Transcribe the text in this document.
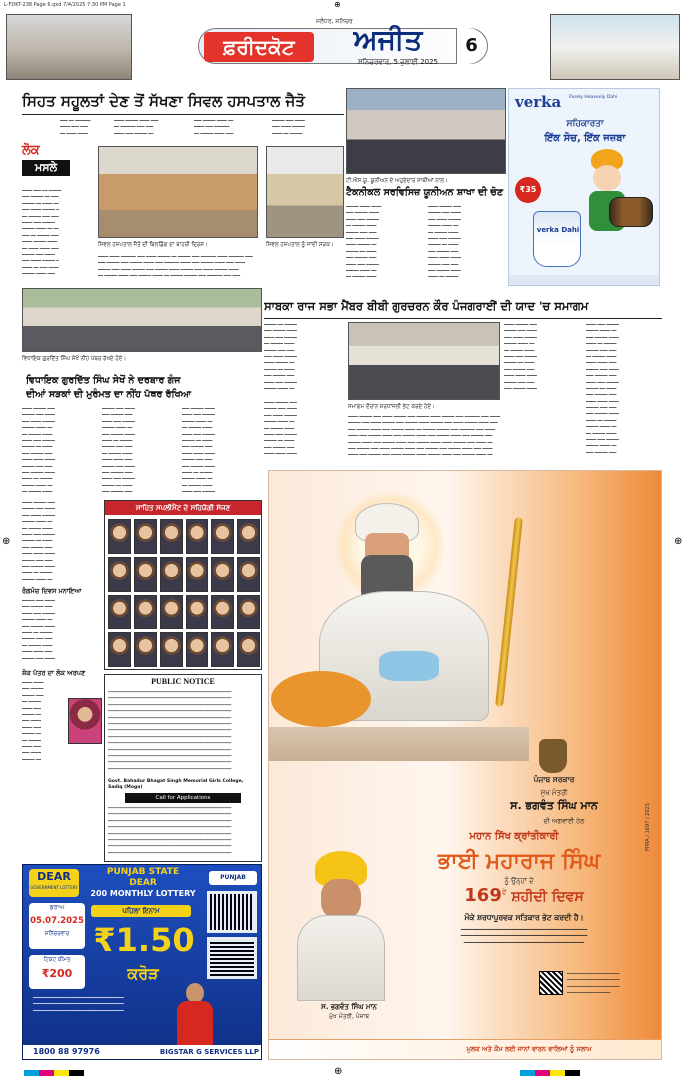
L-FDKT-238 Page 6.qxd 7/4/2025 7:30 PM Page 1	⊕
ਫ਼ਰੀਦਕੋਟ	ਅਜੀਤ
ਜਲੰਧਰ, ਸ਼ਨਿਚਰ
ਸ਼ਨਿਚਰਵਾਰ, 5 ਜੁਲਾਈ 2025
6
ਸਿਹਤ ਸਹੂਲਤਾਂ ਦੇਣ ਤੋਂ ਸੱਖਣਾ ਸਿਵਲ ਹਸਪਤਾਲ ਜੈਤੋ
━━━ ━━ ━━━━━━
━━━━ ━━━ ━━━
━━ ━━━━ ━━━━
━━━━ ━━━━━ ━━━━ ━━━
━━ ━━━━━━ ━━━ ━━━
━━━━ ━━━ ━━━━━ ━━
━━━ ━━━━━ ━━━━ ━━
━━━━ ━━━ ━━━━━━
━━ ━━━━━ ━━━━ ━━━
━━━━━ ━━━ ━━━━
━━━ ━━━━ ━━━━━
━━━━ ━━ ━━━━━
ਲੋਕ
ਮਸਲੇ
ਸਿਵਲ ਹਸਪਤਾਲ ਜੈਤੋ ਦੀ ਬਿਲਡਿੰਗ ਦਾ ਬਾਹਰੀ ਦ੍ਰਿਸ਼।	ਸਿਵਲ ਹਸਪਤਾਲ ਨੂੰ ਜਾਂਦੀ ਸੜਕ।
━━━━ ━━━ ━━ ━━━━━
━━━ ━━━━━ ━━ ━━━
━━━━━ ━━ ━━━━ ━━
━━━ ━━━━ ━━━━━ ━
━━ ━━━━━ ━━━ ━━━
━━━━ ━━━ ━━━━━
━━━━━ ━━━━ ━━ ━━
━━━ ━━ ━━━━━ ━━━
━━━━ ━━━━━ ━━━━
━━ ━━━━ ━━━━ ━━━
━━━━━ ━━━ ━━━━
━━━ ━━━━ ━━━━━ ━
━━━━ ━━ ━━━ ━━━━
━━━━━ ━━━━ ━━━
━━━━ ━━━━ ━━━━━━ ━━━ ━━━━ ━━━━━ ━━ ━━━━━ ━━━ ━━━━━━ ━━━━ ━━━━━━ ━━━
━━━ ━━━━━ ━━━ ━━━━━ ━━━━ ━━━ ━━━━━━ ━━━━ ━━━ ━━━━━ ━━━━ ━━━ ━━━━
━━━━━ ━━━ ━━━━ ━━━━━ ━━━ ━━━━━ ━━━━ ━━━━━ ━━━ ━━━━ ━━━━━ ━━━━
━━ ━━━━━ ━━━━ ━━━ ━━━━━ ━━━━ ━━ ━━━━━ ━━━━━ ━━━ ━━━━━━ ━━━ ━━━
ਟੀ.ਐਸ.ਯੂ. ਯੂਨੀਅਨ ਦੇ ਅਹੁਦੇਦਾਰ ਸਾਥੀਆਂ ਨਾਲ।
ਟੈਕਨੀਕਲ ਸਰਵਿਸਿਜ਼ ਯੂਨੀਅਨ ਸ਼ਾਖਾ ਦੀ ਚੋਣ
━━━━━ ━━━━ ━━━━
━━━ ━━━━━ ━━━━
━━━━ ━━━ ━━━━━
━━ ━━━━━ ━━━━
━━━━━ ━━━ ━━━
━━━ ━━━━ ━━━━━
━━━━ ━━━━━ ━━
━━━━━ ━━ ━━━━
━━━ ━━━━━ ━━━
━━━━ ━━━ ━━━━━
━━━━━ ━━━━ ━━
━━ ━━━━━ ━━━━
━━━━ ━━━━━ ━━━
━━━━━ ━━━ ━━━━
━━━ ━━━━ ━━━━━
━━━━━ ━━━━ ━━
━━ ━━━━━ ━━━━
━━━━ ━━━ ━━━━━
━━━━━ ━━ ━━━━
━━━ ━━━━━ ━━━
━━━━ ━━━━ ━━━━
━━━━━ ━━━ ━━━
━━━ ━━━━━ ━━━━
━━━━ ━━ ━━━━━
verka Purely Heavenly Dahi
ਸਹਿਕਾਰਤਾ
ਇੱਕ ਸੋਚ, ਇੱਕ ਜਜ਼ਬਾ
verka Dahi
₹35
ਸਾਬਕਾ ਰਾਜ ਸਭਾ ਮੈਂਬਰ ਬੀਬੀ ਗੁਰਚਰਨ ਕੌਰ ਪੰਜਗਰਾਈਂ ਦੀ ਯਾਦ 'ਚ ਸਮਾਗਮ
━━━━━ ━━ ━━━━━
━━━ ━━━━━ ━━━━
━━━━ ━━━ ━━━━━
━━ ━━━━━ ━━━━
━━━━━ ━━━ ━━━
━━━ ━━━━ ━━━━━
━━━━ ━━━━━ ━━
━━━━━ ━━ ━━━━
━━━ ━━━━━ ━━━
━━━━ ━━━ ━━━━━
━━━━━ ━━━━ ━━
━━━━ ━━━━━ ━━━
━━━━━ ━━━ ━━━━
━━━ ━━━━ ━━━━━
━━━━━ ━━━━ ━━
━━ ━━━━━ ━━━━
━━━━ ━━━ ━━━━━
━━━━━ ━━ ━━━━
━━━ ━━━━━ ━━━
━━━━ ━━━━ ━━━━
━━━━━ ━━━ ━━━
━━━ ━━━━━ ━━━━
━━━━ ━━━ ━━━━━
━━━━━ ━━━━ ━━
━━━ ━━━━━ ━━━━
━━━━ ━━ ━━━━━
━━━━━ ━━━ ━━━
━━ ━━━━━ ━━━━
━━━━ ━━━━ ━━━
━━━━━ ━━━ ━━━━
━━━ ━━━━━ ━━━
━━━━ ━━━ ━━━━━
━━━━━ ━━ ━━━━
━━━ ━━━━━ ━━━
━━━━ ━━━━ ━━━━
━━━━━ ━━━ ━━━
━━━ ━━━━━ ━━━━
━━━━ ━━ ━━━━━
━━━━━ ━━━━ ━━
━━ ━━━━━ ━━━━
━━━━ ━━━ ━━━━━
━━━━━ ━━━━ ━━
━━━ ━━━━━ ━━━
ਸਮਾਗਮ ਦੌਰਾਨ ਸ਼ਰਧਾਂਜਲੀ ਭੇਟ ਕਰਦੇ ਹੋਏ।
━━━━ ━━━━━ ━━━ ━━━━ ━━━━━ ━━━ ━━━━━ ━━━━ ━━━━━ ━━━ ━━━━━━ ━━━ ━━━━
━━━━━ ━━━ ━━━━ ━━━━━ ━━━ ━━━━━ ━━━━ ━━━━━ ━━━ ━━━━ ━━━━━ ━━━━ ━━━
━━━ ━━━━━ ━━━━ ━━━ ━━━━━ ━━━━ ━━ ━━━━━ ━━━━━ ━━━ ━━━━━━ ━━━ ━━━━
━━━━ ━━━ ━━━━━ ━━━━ ━━━ ━━━━━ ━━━━ ━━━ ━━━━━ ━━━━ ━━━ ━━━━━ ━━━
━━━━━ ━━━━ ━━━ ━━━━━ ━━━━ ━━━ ━━━━━ ━━━━ ━━━━ ━━━━━ ━━━ ━━━━ ━━
━━━ ━━━━━ ━━━ ━━━━ ━━━━━ ━━━━ ━━━ ━━━━━ ━━━ ━━━━━ ━━━━ ━━━ ━━━━
━━━━ ━━━ ━━━━━ ━━━ ━━━━ ━━━━━ ━━━━ ━━━━━ ━━━━ ━━━ ━━━━━ ━━━━ ━━
━━━━ ━━━━━ ━━━
━━━━━ ━━━ ━━━━
━━━ ━━━━ ━━━━━
━━━━━ ━━━━ ━━
━━ ━━━━━ ━━━━
━━━━ ━━━ ━━━━━
━━━━━ ━━ ━━━━
━━━ ━━━━━ ━━━
━━━━ ━━━━ ━━━━
ਵਿਧਾਇਕ ਗੁਰਦਿੱਤ ਸਿੰਘ ਸੇਖੋਂ ਨੀਂਹ ਪੱਥਰ ਰੱਖਦੇ ਹੋਏ।
ਵਿਧਾਇਕ ਗੁਰਦਿੱਤ ਸਿੰਘ ਸੇਖੋਂ ਨੇ ਦਰਬਾਰ ਗੰਜ
ਦੀਆਂ ਸੜਕਾਂ ਦੀ ਮੁਰੰਮਤ ਦਾ ਨੀਂਹ ਪੱਥਰ ਰੱਖਿਆ
━━━━ ━━━━━ ━━━
━━━━━ ━━━ ━━━━
━━━ ━━━━ ━━━━━
━━━━━ ━━━━ ━━
━━ ━━━━━ ━━━━
━━━━ ━━━ ━━━━━
━━━━━ ━━ ━━━━
━━━ ━━━━━ ━━━
━━━━ ━━━━ ━━━━
━━━━━ ━━━ ━━━
━━━ ━━━━━ ━━━━
━━━━ ━━ ━━━━━
━━━━━ ━━━━ ━━
━━ ━━━━━ ━━━━
━━━━━ ━━━ ━━━━
━━━ ━━━━━ ━━━
━━━━ ━━━ ━━━━━
━━━━━ ━━━━ ━━
━━━ ━━━━━ ━━━━
━━━━ ━━ ━━━━━
━━━━━ ━━━ ━━━
━━ ━━━━━ ━━━━
━━━━ ━━━━ ━━━
━━━━━ ━━━ ━━━━
━━━ ━━━━━ ━━━
━━━━ ━━━ ━━━━━
━━━━━ ━━ ━━━━
━━━ ━━━━━ ━━━
━━━ ━━━━━ ━━━━
━━━━ ━━━ ━━━━━
━━━━━ ━━━━ ━━
━━ ━━━━━ ━━━━
━━━━ ━━━ ━━━━━
━━━━━ ━━ ━━━━
━━━ ━━━━━ ━━━
━━━━ ━━━━ ━━━━
━━━━━ ━━━ ━━━
━━━ ━━━━━ ━━━━
━━━━ ━━ ━━━━━
━━━━━ ━━━━ ━━
━━ ━━━━━ ━━━━
━━━━ ━━━ ━━━━━
━━━━ ━━━━━ ━━━
━━━━━ ━━━ ━━━━
━━━ ━━━━ ━━━━━
━━━━━ ━━━━ ━━
━━ ━━━━━ ━━━━
━━━━ ━━━ ━━━━━
━━━━━ ━━ ━━━━
━━━ ━━━━━ ━━━
━━━━ ━━━━ ━━━━
━━━━━ ━━━ ━━━
━━━ ━━━━━ ━━━━
━━━━ ━━ ━━━━━
━━━━━ ━━━━ ━━
ਰੰਗਮੰਚ ਦਿਵਸ ਮਨਾਇਆ
━━━━━ ━━━ ━━━━
━━━ ━━━━━ ━━━
━━━━ ━━━ ━━━━━
━━━━━ ━━━━ ━━
━━━ ━━━━━ ━━━━
━━━━ ━━ ━━━━━
━━━━━ ━━━ ━━━
━━ ━━━━━ ━━━━
━━━━ ━━━━ ━━━
━━━━━ ━━━ ━━━━
ਸ਼ੋਕ ਪੱਤਰ ਦਾ ਲੋਕ ਅਰਪਣ
━━━━ ━━━━
━━━ ━━━━━
━━━━━ ━━━
━━ ━━━━━
━━━━ ━━━
━━━━━ ━━
━━━ ━━━━
━━━━ ━━━
━━━━━ ━━
━━ ━━━━━
━━━━ ━━━
━━━ ━━━━
━━━━━ ━━
ਸਾਹਿਤ ਸਪਲੀਮੈਂਟ ਦੇ ਸਹਿਯੋਗੀ ਸੱਜਣ
PUBLIC NOTICE
━━━━━━━━━━━━━━━━━━━━━━━━━━━━━━━━━━━━━━━━━━━━━━━━━━━━━━━━━
━━━━━━━━━━━━━━━━━━━━━━━━━━━━━━━━━━━━━━━━━━━━━━━━━━━━━━━━━
━━━━━━━━━━━━━━━━━━━━━━━━━━━━━━━━━━━━━━━━━━━━━━━━━━━━━━━━━
━━━━━━━━━━━━━━━━━━━━━━━━━━━━━━━━━━━━━━━━━━━━━━━━━━━━━━━━━
━━━━━━━━━━━━━━━━━━━━━━━━━━━━━━━━━━━━━━━━━━━━━━━━━━━━━━━━━
━━━━━━━━━━━━━━━━━━━━━━━━━━━━━━━━━━━━━━━━━━━━━━━━━━━━━━━━━
━━━━━━━━━━━━━━━━━━━━━━━━━━━━━━━━━━━━━━━━━━━━━━━━━━━━━━━━━
━━━━━━━━━━━━━━━━━━━━━━━━━━━━━━━━━━━━━━━━━━━━━━━━━━━━━━━━━
━━━━━━━━━━━━━━━━━━━━━━━━━━━━━━━━━━━━━━━━━━━━━━━━━━━━━━━━━
━━━━━━━━━━━━━━━━━━━━━━━━━━━━━━━━━━━━━━━━━━━━━━━━━━━━━━━━━
━━━━━━━━━━━━━━━━━━━━━━━━━━━━━━━━━━━━━━━━━━━━━━━━━━━━━━━━━
━━━━━━━━━━━━━━━━━━━━━━━━━━━━━━━━━━━━━━━━━━━━━━━━━━━━━━━━━
━━━━━━━━━━━━━━━━━━━━━━━━━━━━━━━━━━━━━━━━━━━━━━━━━━━━━━━━━
Govt. Bahadur Bhagat Singh Memorial Girls College, Sadiq (Moga)
Call for Applications
━━━━━━━━━━━━━━━━━━━━━━━━━━━━━━━━━━━━━━━━━━━━━━━━━━━━━━━━━
━━━━━━━━━━━━━━━━━━━━━━━━━━━━━━━━━━━━━━━━━━━━━━━━━━━━━━━━━
━━━━━━━━━━━━━━━━━━━━━━━━━━━━━━━━━━━━━━━━━━━━━━━━━━━━━━━━━
━━━━━━━━━━━━━━━━━━━━━━━━━━━━━━━━━━━━━━━━━━━━━━━━━━━━━━━━━
━━━━━━━━━━━━━━━━━━━━━━━━━━━━━━━━━━━━━━━━━━━━━━━━━━━━━━━━━
━━━━━━━━━━━━━━━━━━━━━━━━━━━━━━━━━━━━━━━━━━━━━━━━━━━━━━━━━
━━━━━━━━━━━━━━━━━━━━━━━━━━━━━━━━━━━━━━━━━━━━━━━━━━━━━━━━━
━━━━━━━━━━━━━━━━━━━━━━━━━━━━━━━━━━━━━━━━━━━━━━━━━━━━━━━━━
DEAR
GOVERNMENT LOTTERY
PUNJAB STATE
DEAR
200 MONTHLY LOTTERY
PUNJAB
ਡਰਾਅ
05.07.2025
ਸ਼ਨਿੱਚਰਵਾਰ
ਟਿਕਟ ਕੀਮਤ
₹200
ਪਹਿਲਾ ਇਨਾਮ
₹1.50
ਕਰੋੜ
━━━━━━━━━━━━━━━━━━━━━━━━━━━━━━━━━━━━
━━━━━━━━━━━━━━━━━━━━━━━━━━━━━━━━━━━━
━━━━━━━━━━━━━━━━━━━━━━━━━━━━━━━━━━━━
1800 88 97976	BIGSTAR G SERVICES LLP
ਪੰਜਾਬ ਸਰਕਾਰ
ਮੁੱਖ ਮੰਤਰੀ
ਸ. ਭਗਵੰਤ ਸਿੰਘ ਮਾਨ
ਦੀ ਅਗਵਾਈ ਹੇਠ
ਮਹਾਨ ਸਿੱਖ ਕ੍ਰਾਂਤੀਕਾਰੀ
ਭਾਈ ਮਹਾਰਾਜ ਸਿੰਘ
ਨੂੰ ਉਨ੍ਹਾਂ ਦੇ
$169^{ਵੇਂ}$ ਸ਼ਹੀਦੀ ਦਿਵਸ
ਮੌਕੇ ਸ਼ਰਧਾਪੂਰਵਕ ਸਤਿਕਾਰ ਭੇਟ ਕਰਦੀ ਹੈ।
━━━━━━━━━━━━━━━━━━━━━━━━━━━━━━━━━━━━━━━━━━
━━━━━━━━━━━━━━━━━━━━━━━━━━━━━━━━━━━━━━━━━━
━━━━━━━━━━━━━━━━━━━━━━━━━━━━━━━━━━━━━━━━
ਸ. ਭਗਵੰਤ ਸਿੰਘ ਮਾਨ
ਮੁੱਖ ਮੰਤਰੀ, ਪੰਜਾਬ
━━━━━━━━━━━━━━━━━━━━━━━
━━━━━━━━━━━━━━━━━━━━━━━
━━━━━━━━━━━━━━━━━━━━━━━
━━━━━━━━━━━━━━━━━━━
PPRA / 1697 / 2025
ਮੁਲਕ ਅਤੇ ਕੌਮ ਲਈ ਜਾਨਾਂ ਵਾਰਨ ਵਾਲਿਆਂ ਨੂੰ ਸਲਾਮ
⊕
⊕	⊕
